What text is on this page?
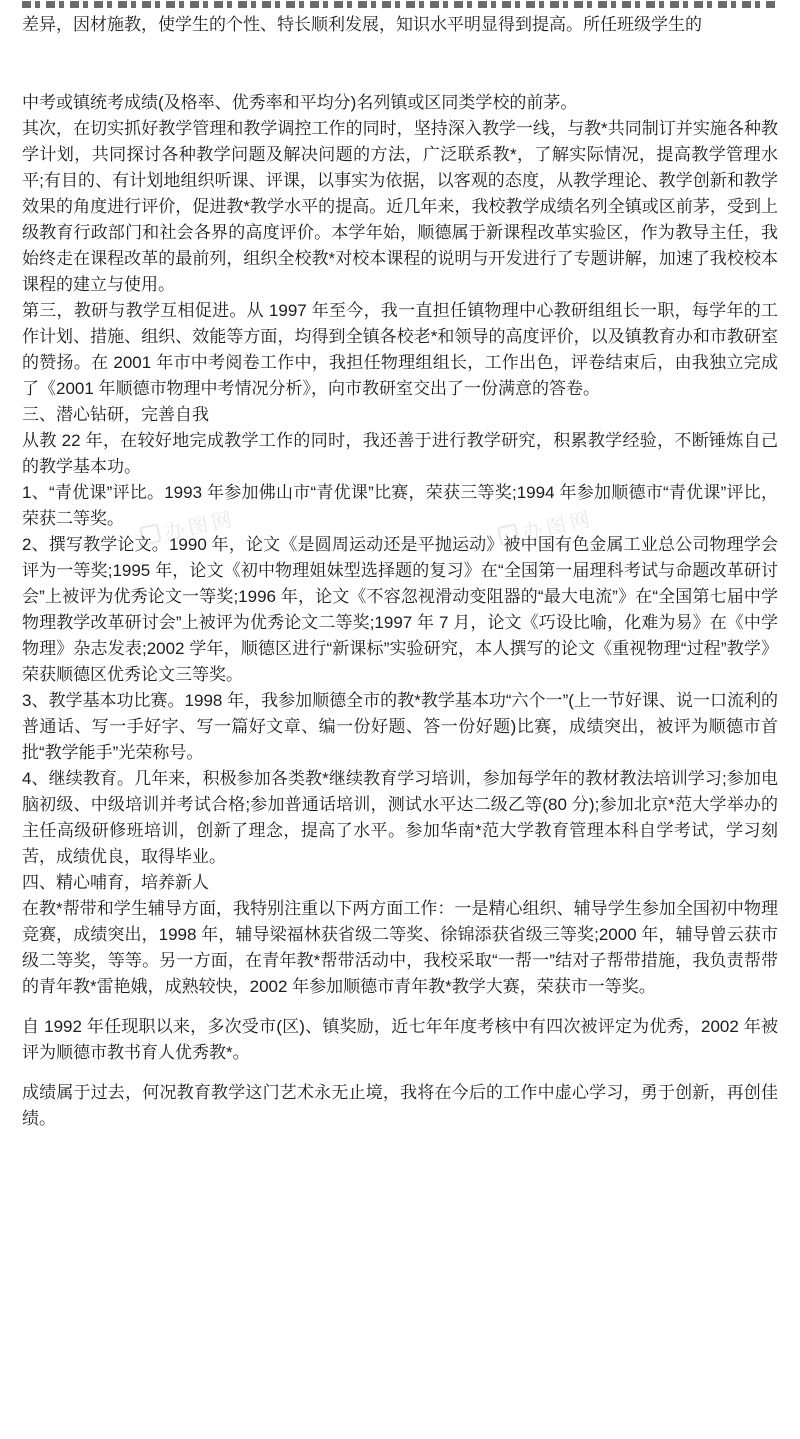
办图网	办图网

差异，因材施教，使学生的个性、特长顺利发展，知识水平明显得到提高。所任班级学生的

中考或镇统考成绩(及格率、优秀率和平均分)名列镇或区同类学校的前茅。

其次，在切实抓好教学管理和教学调控工作的同时，坚持深入教学一线，与教*共同制订并实施各种教学计划，共同探讨各种教学问题及解决问题的方法，广泛联系教*，了解实际情况，提高教学管理水平;有目的、有计划地组织听课、评课，以事实为依据，以客观的态度，从教学理论、教学创新和教学效果的角度进行评价，促进教*教学水平的提高。近几年来，我校教学成绩名列全镇或区前茅，受到上级教育行政部门和社会各界的高度评价。本学年始，顺德属于新课程改革实验区，作为教导主任，我始终走在课程改革的最前列，组织全校教*对校本课程的说明与开发进行了专题讲解，加速了我校校本课程的建立与使用。

第三，教研与教学互相促进。从 1997 年至今，我一直担任镇物理中心教研组组长一职，每学年的工作计划、措施、组织、效能等方面，均得到全镇各校老*和领导的高度评价，以及镇教育办和市教研室的赞扬。在 2001 年市中考阅卷工作中，我担任物理组组长，工作出色，评卷结束后，由我独立完成了《2001 年顺德市物理中考情况分析》，向市教研室交出了一份满意的答卷。

三、潜心钻研，完善自我

从教 22 年，在较好地完成教学工作的同时，我还善于进行教学研究，积累教学经验，不断锤炼自己的教学基本功。

1、“青优课”评比。1993 年参加佛山市“青优课”比赛，荣获三等奖;1994 年参加顺德市“青优课”评比，荣获二等奖。

2、撰写教学论文。1990 年，论文《是圆周运动还是平抛运动》被中国有色金属工业总公司物理学会评为一等奖;1995 年，论文《初中物理姐妹型选择题的复习》在“全国第一届理科考试与命题改革研讨会”上被评为优秀论文一等奖;1996 年，论文《不容忽视滑动变阻器的“最大电流”》在“全国第七届中学物理教学改革研讨会”上被评为优秀论文二等奖;1997 年 7 月，论文《巧设比喻，化难为易》在《中学物理》杂志发表;2002 学年，顺德区进行“新课标”实验研究，本人撰写的论文《重视物理“过程”教学》荣获顺德区优秀论文三等奖。

3、教学基本功比赛。1998 年，我参加顺德全市的教*教学基本功“六个一”(上一节好课、说一口流利的普通话、写一手好字、写一篇好文章、编一份好题、答一份好题)比赛，成绩突出，被评为顺德市首批“教学能手”光荣称号。

4、继续教育。几年来，积极参加各类教*继续教育学习培训，参加每学年的教材教法培训学习;参加电脑初级、中级培训并考试合格;参加普通话培训，测试水平达二级乙等(80 分);参加北京*范大学举办的主任高级研修班培训，创新了理念，提高了水平。参加华南*范大学教育管理本科自学考试，学习刻苦，成绩优良，取得毕业。

四、精心哺育，培养新人

在教*帮带和学生辅导方面，我特别注重以下两方面工作：一是精心组织、辅导学生参加全国初中物理竞赛，成绩突出，1998 年，辅导梁福林获省级二等奖、徐锦添获省级三等奖;2000 年，辅导曾云获市级二等奖，等等。另一方面，在青年教*帮带活动中，我校采取“一帮一”结对子帮带措施，我负责帮带的青年教*雷艳娥，成熟较快，2002 年参加顺德市青年教*教学大赛，荣获市一等奖。

自 1992 年任现职以来，多次受市(区)、镇奖励，近七年年度考核中有四次被评定为优秀，2002 年被评为顺德市教书育人优秀教*。

成绩属于过去，何况教育教学这门艺术永无止境，我将在今后的工作中虚心学习，勇于创新，再创佳绩。
